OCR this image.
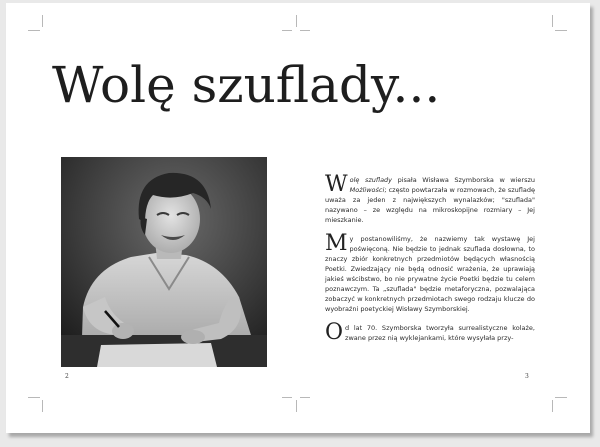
Wolę szuflady...

Wolę szuflady pisała Wisława Szymborska w wierszu Możliwości; często powtarzała w rozmowach, że szufladę uważa za jeden z największych wynalazków; "szuflada" nazywano – ze względu na mikroskopijne rozmiary – Jej mieszkanie.

My postanowiliśmy, że nazwiemy tak wystawę Jej poświęconą. Nie będzie to jednak szuflada dosłowna, to znaczy zbiór konkretnych przedmiotów będących własnością Poetki. Zwiedzający nie będą odnosić wrażenia, że uprawiają jakieś wścibstwo, bo nie prywatne życie Poetki będzie tu celem poznawczym. Ta „szuflada" będzie metaforyczna, pozwalająca zobaczyć w konkretnych przedmiotach swego rodzaju klucze do wyobraźni poetyckiej Wisławy Szymborskiej.

Od lat 70. Szymborska tworzyła surrealistyczne kolaże, zwane przez nią wyklejankami, które wysyłała przy-

2	3
